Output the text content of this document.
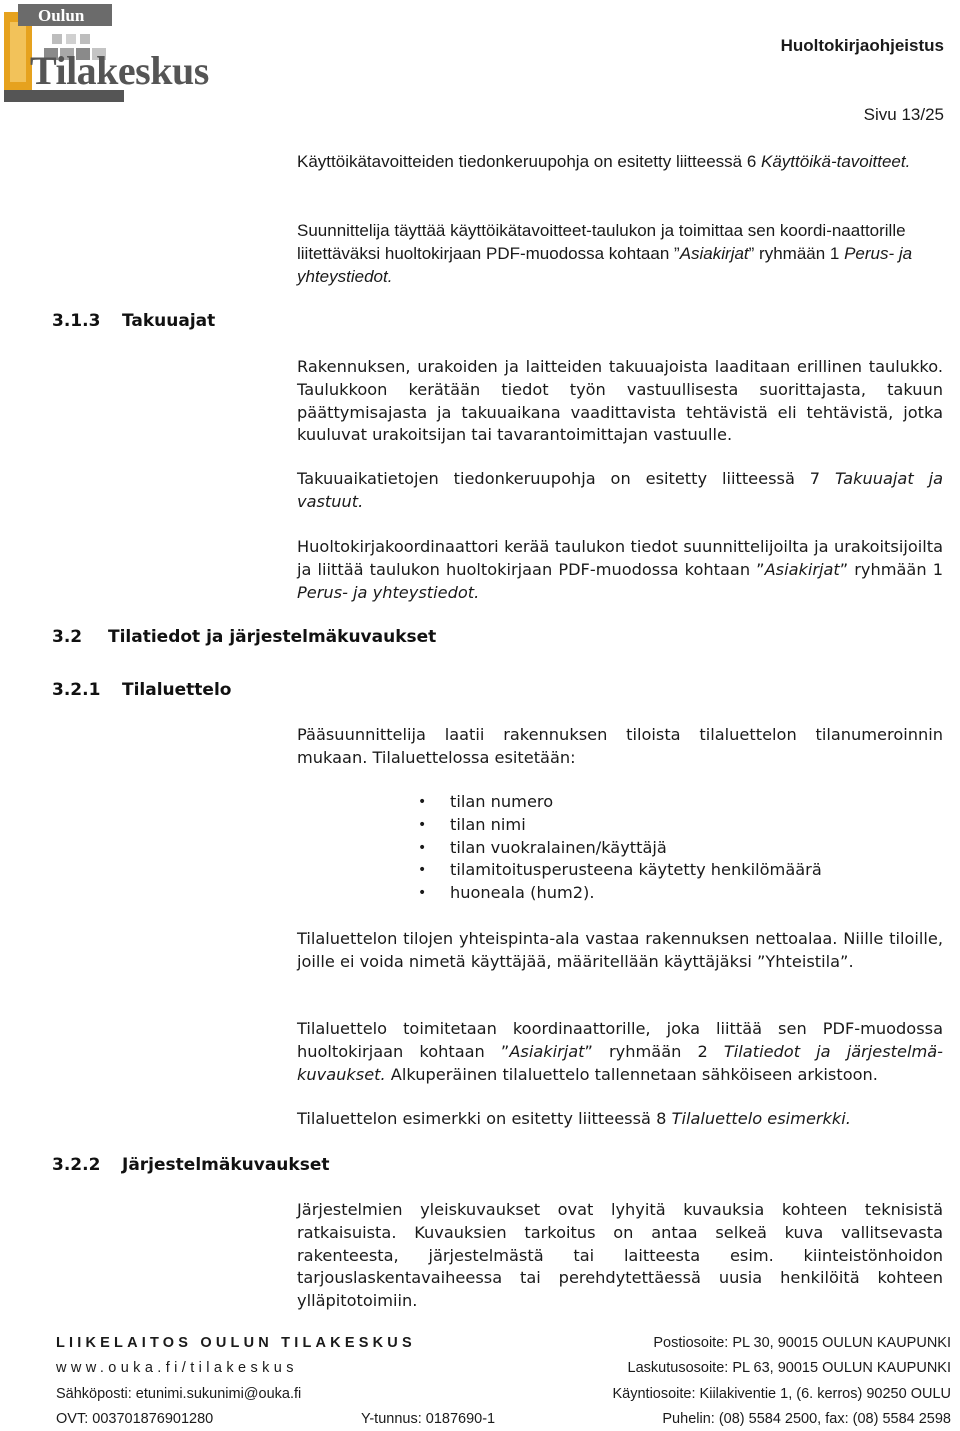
Oulun
Tilakeskus
Huoltokirjaohjeistus
Sivu 13/25
Käyttöikätavoitteiden tiedonkeruupohja on esitetty liitteessä 6 Käyttöikä-tavoitteet.
Suunnittelija täyttää käyttöikätavoitteet-taulukon ja toimittaa sen koordi-naattorille liitettäväksi huoltokirjaan PDF-muodossa kohtaan ”Asiakirjat” ryhmään 1 Perus- ja yhteystiedot.
3.1.3 Takuuajat
Rakennuksen, urakoiden ja laitteiden takuuajoista laaditaan erillinen taulukko. Taulukkoon kerätään tiedot työn vastuullisesta suorittajasta, takuun päättymisajasta ja takuuaikana vaadittavista tehtävistä eli tehtävistä, jotka kuuluvat urakoitsijan tai tavarantoimittajan vastuulle.
Takuuaikatietojen tiedonkeruupohja on esitetty liitteessä 7 Takuuajat ja vastuut.
Huoltokirjakoordinaattori kerää taulukon tiedot suunnittelijoilta ja urakoitsijoilta ja liittää taulukon huoltokirjaan PDF-muodossa kohtaan ”Asiakirjat” ryhmään 1 Perus- ja yhteystiedot.
3.2 Tilatiedot ja järjestelmäkuvaukset
3.2.1 Tilaluettelo
Pääsuunnittelija laatii rakennuksen tiloista tilaluettelon tilanumeroinnin mukaan. Tilaluettelossa esitetään:
• tilan numero
• tilan nimi
• tilan vuokralainen/käyttäjä
• tilamitoitusperusteena käytetty henkilömäärä
• huoneala (hum2).
Tilaluettelon tilojen yhteispinta-ala vastaa rakennuksen nettoalaa. Niille tiloille, joille ei voida nimetä käyttäjää, määritellään käyttäjäksi ”Yhteistila”.
Tilaluettelo toimitetaan koordinaattorille, joka liittää sen PDF-muodossa huoltokirjaan kohtaan ”Asiakirjat” ryhmään 2 Tilatiedot ja järjestelmä-kuvaukset. Alkuperäinen tilaluettelo tallennetaan sähköiseen arkistoon.
Tilaluettelon esimerkki on esitetty liitteessä 8 Tilaluettelo esimerkki.
3.2.2 Järjestelmäkuvaukset
Järjestelmien yleiskuvaukset ovat lyhyitä kuvauksia kohteen teknisistä ratkaisuista. Kuvauksien tarkoitus on antaa selkeä kuva vallitsevasta rakenteesta, järjestelmästä tai laitteesta esim. kiinteistönhoidon tarjouslaskentavaiheessa tai perehdytettäessä uusia henkilöitä kohteen ylläpitotoimiin.
LIIKELAITOS OULUN TILAKESKUS
www.ouka.fi/tilakeskus
Sähköposti: etunimi.sukunimi@ouka.fi
OVT: 003701876901280	Y-tunnus: 0187690-1
Postiosoite: PL 30, 90015 OULUN KAUPUNKI
Laskutusosoite: PL 63, 90015 OULUN KAUPUNKI
Käyntiosoite: Kiilakiventie 1, (6. kerros) 90250 OULU
Puhelin: (08) 5584 2500, fax: (08) 5584 2598
